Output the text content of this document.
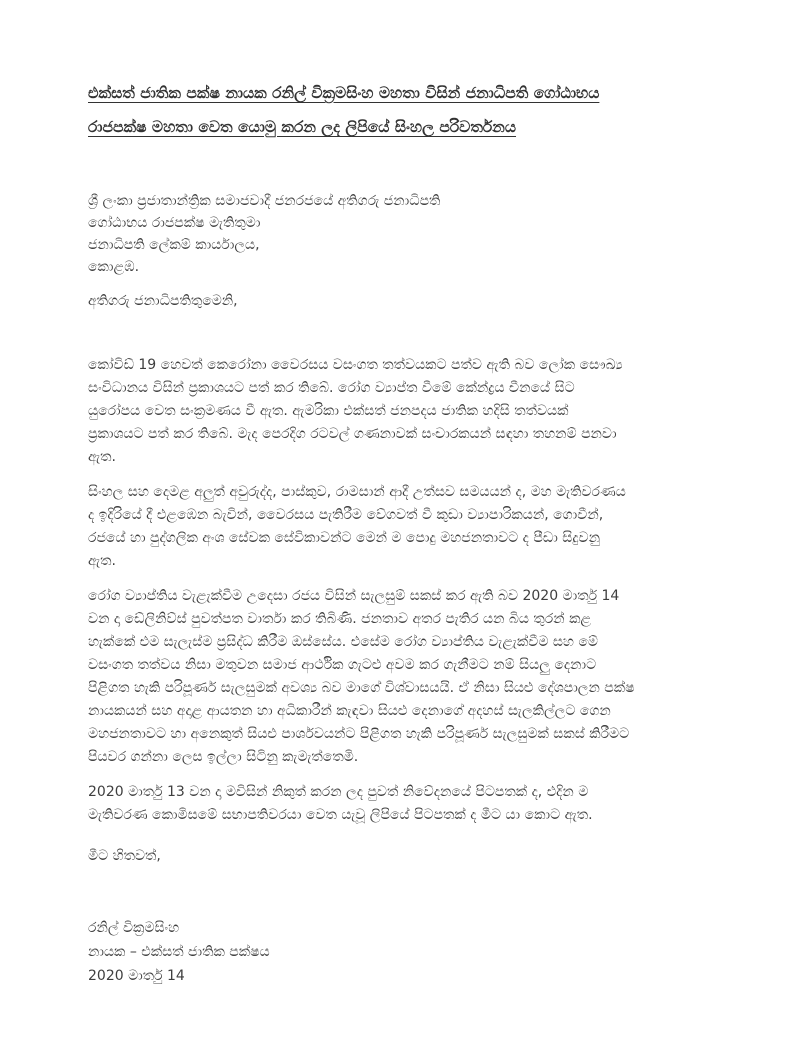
එක්සත් ජාතික පක්ෂ නායක රනිල් වික්‍රමසිංහ මහතා විසින් ජනාධිපති ගෝඨාභය
රාජපක්ෂ මහතා වෙත යොමු කරන ලද ලිපියේ සිංහල පරිවර්තනය
ශ්‍රී ලංකා ප්‍රජාතාන්ත්‍රික සමාජවාදී ජනරජයේ අතිගරු ජනාධිපති
ගෝඨාභය රාජපක්ෂ මැතිතුමා
ජනාධිපති ලේකම් කාර්යාලය,
කොළඹ.
අතිගරු ජනාධිපතිතුමෙනි,
කෝවිඩ් 19 හෙවත් කෙරෝනා වෛරසය වසංගත තත්වයකට පත්ව ඇති බව ලෝක සෞඛ්‍ය
සංවිධානය විසින් ප්‍රකාශයට පත් කර තිබේ. රෝග ව්‍යාප්ත වීමේ කේන්ද්‍රය චීනයේ සිට
යුරෝපය වෙත සංක්‍රමණය වී ඇත. ඇමරිකා එක්සත් ජනපදය ජාතික හදිසි තත්වයක්
ප්‍රකාශයට පත් කර තිබේ. මැද පෙරදිග රටවල් ගණනාවක් සංචාරකයන් සඳහා තහනම් පනවා
ඇත.
සිංහල සහ දෙමළ අලුත් අවුරුද්ද, පාස්කුව, රාමසාන් ආදී උත්සව සමයයන් ද, මහ මැතිවරණය
ද ඉදිරියේ දී එළඹෙන බැවින්, වෛරසය පැතිරීම වේගවත් වී කුඩා ව්‍යාපාරිකයන්, ගොවීන්,
රජයේ හා පුද්ගලික අංශ සේවක සේවිකාවන්ට මෙන් ම පොදු මහජනතාවට ද පීඩා සිදුවනු
ඇත.
රෝග ව්‍යාප්තිය වැළැක්වීම උදෙසා රජය විසින් සැලසුම් සකස් කර ඇති බව 2020 මාර්තු 14
වන දා ඩේලිනිව්ස් පුවත්පත වාර්තා කර තිබිණි. ජනතාව අතර පැතිර යන බිය තුරන් කළ
හැක්කේ එම සැලැස්ම ප්‍රසිද්ධ කිරීම ඔස්සේය. එසේම රෝග ව්‍යාප්තිය වැළැක්වීම සහ මේ
වසංගත තත්වය නිසා මතුවන සමාජ ආර්ථික ගැටළු අවම කර ගැනීමට නම් සියලු දෙනාට
පිළිගත හැකි පරිපූර්ණ සැලසුමක් අවශ්‍ය බව මාගේ විශ්වාසයයි. ඒ නිසා සියළු දේශපාලන පක්ෂ
නායකයන් සහ අදාළ ආයතන හා අධිකාරීන් කැඳවා සියළු දෙනාගේ අදහස් සැලකිල්ලට ගෙන
මහජනතාවට හා අනෙකුත් සියළු පාර්ශවයන්ට පිළිගත හැකි පරිපූර්ණ සැලසුමක් සකස් කිරීමට
පියවර ගන්නා ලෙස ඉල්ලා සිටිනු කැමැත්තෙමි.
2020 මාර්තු 13 වන දා මවිසින් නිකුත් කරන ලද පුවත් නිවේදනයේ පිටපතක් ද, එදින ම
මැතිවරණ කොමිසමේ සභාපතිවරයා වෙත යැවූ ලිපියේ පිටපතක් ද මීට යා කොට ඇත.
මීට හිතවත්,
රනිල් වික්‍රමසිංහ
නායක – එක්සත් ජාතික පක්ෂය
2020 මාර්තු 14
